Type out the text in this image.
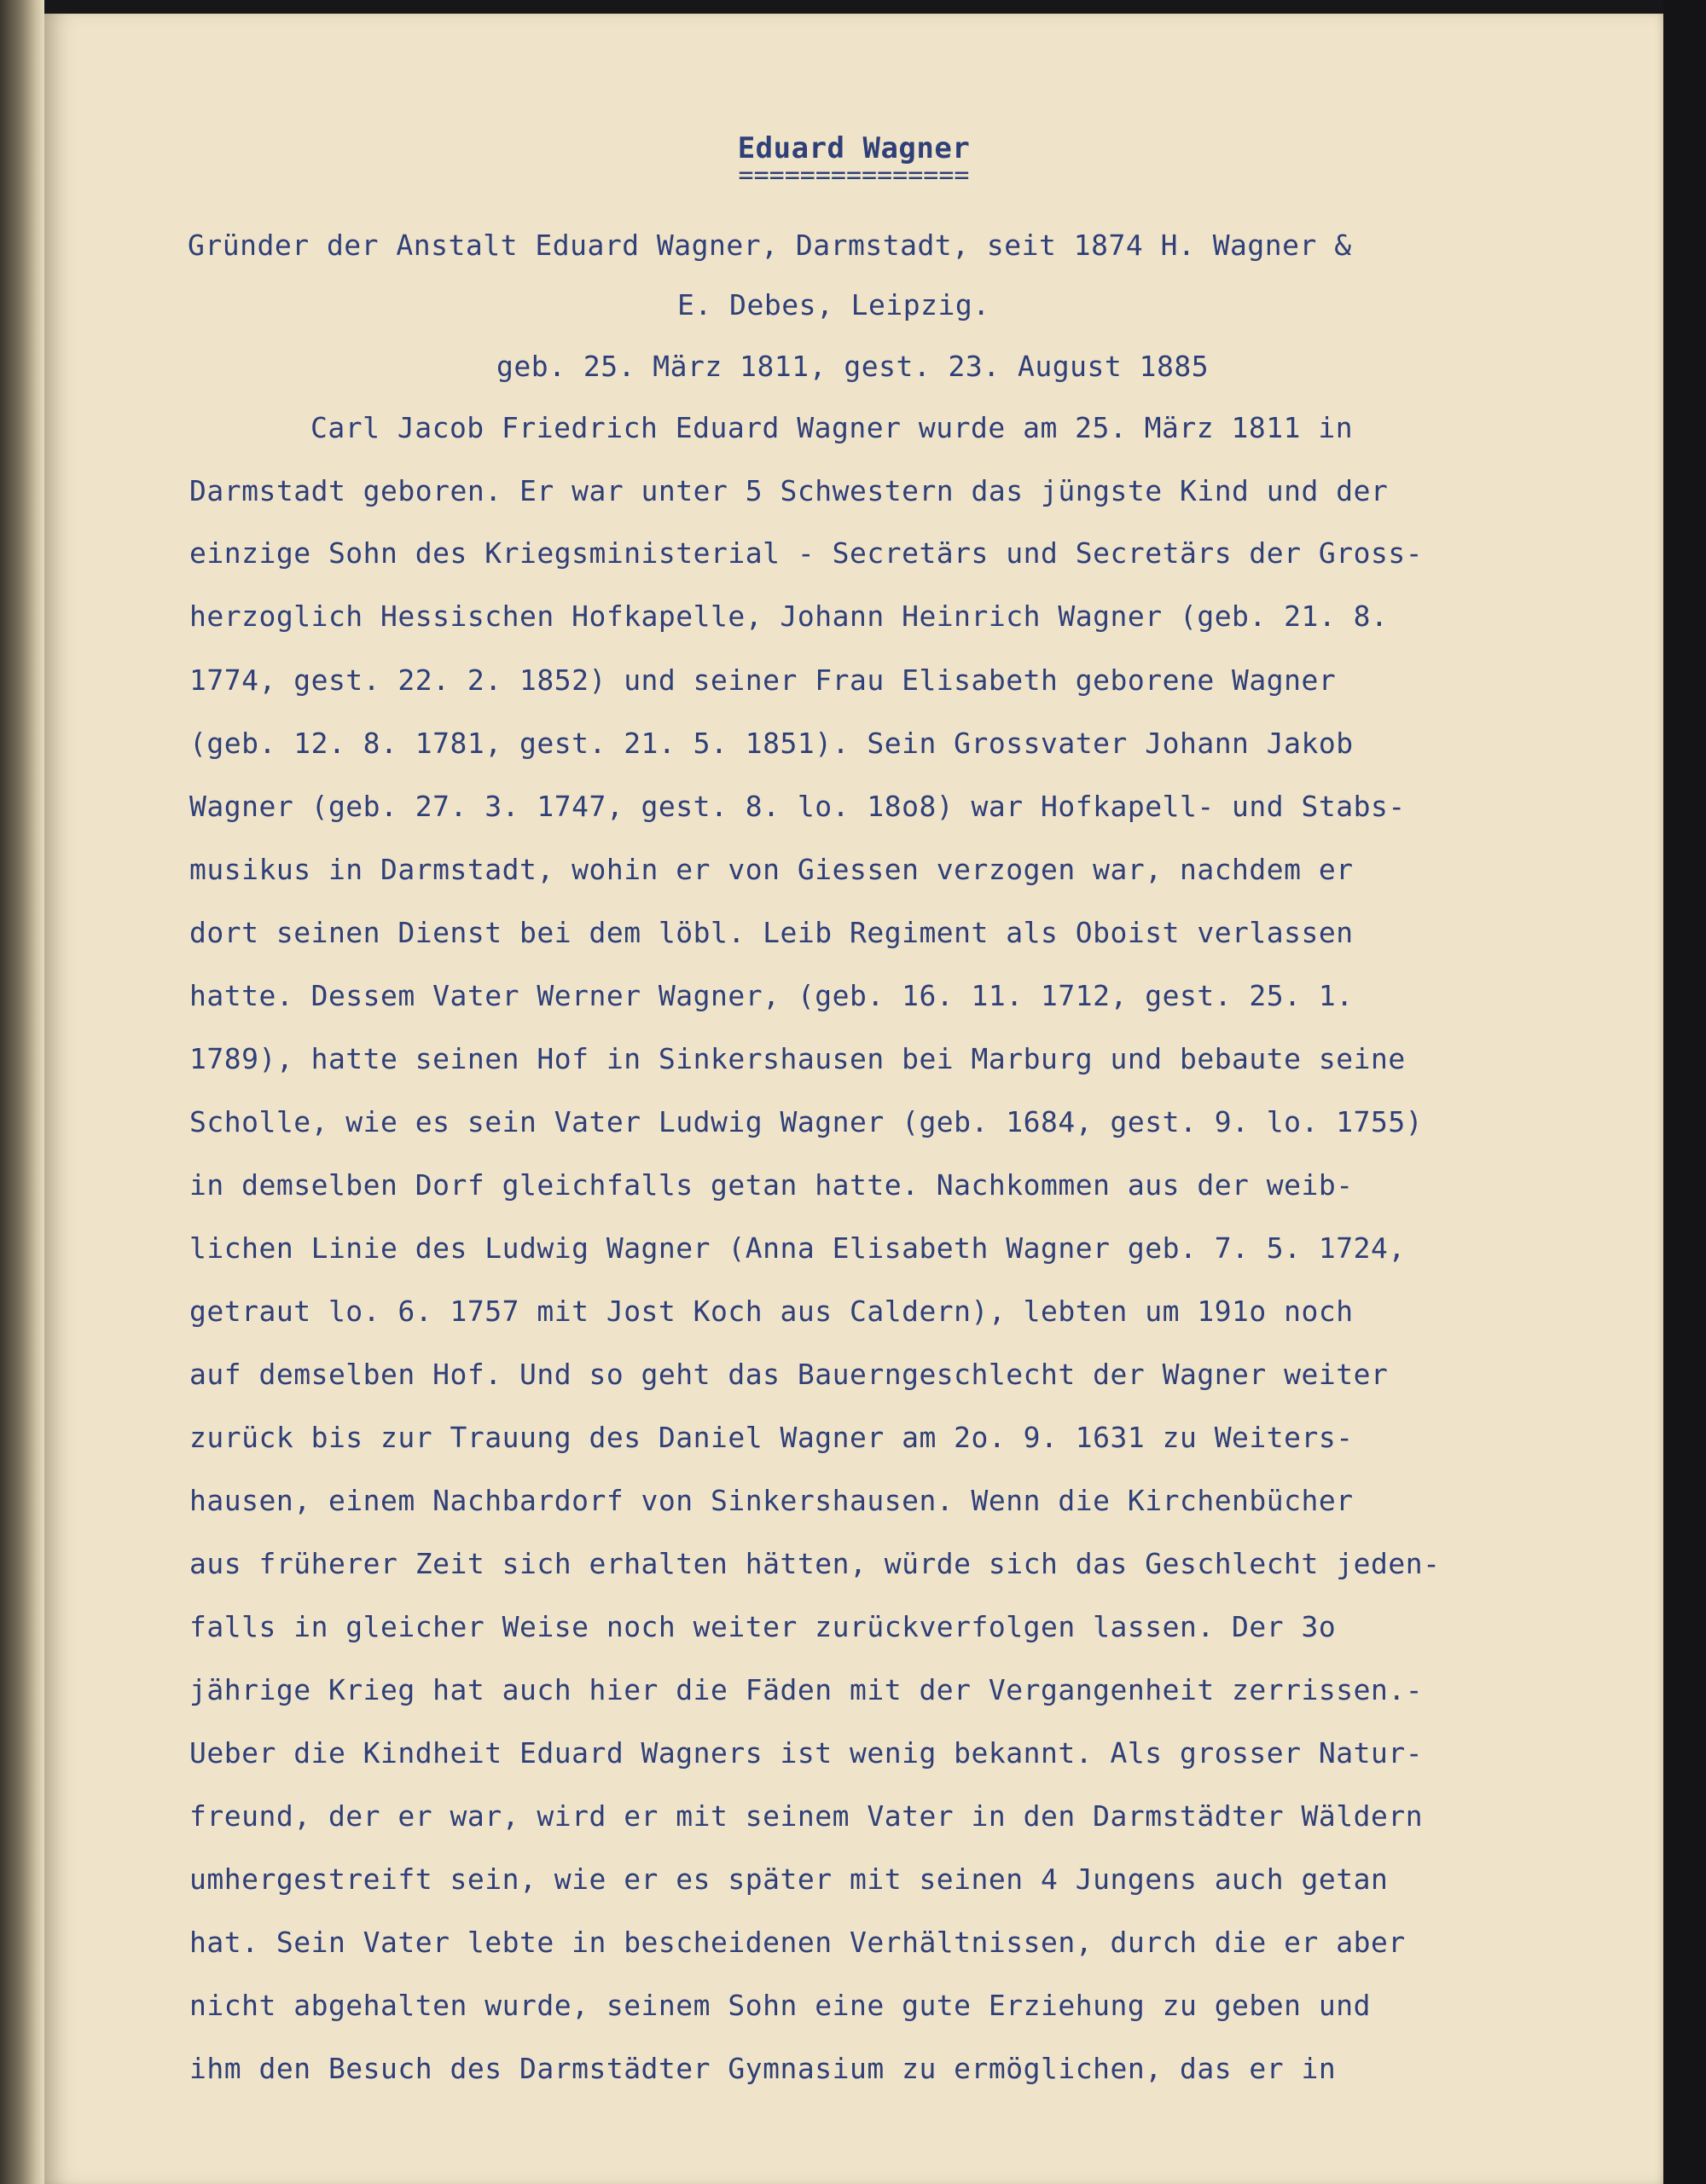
Eduard Wagner
===============
Gründer der Anstalt Eduard Wagner, Darmstadt, seit 1874 H. Wagner &
E. Debes, Leipzig.
geb. 25. März 1811, gest. 23. August 1885
Carl Jacob Friedrich Eduard Wagner wurde am 25. März 1811 in
Darmstadt geboren. Er war unter 5 Schwestern das jüngste Kind und der
einzige Sohn des Kriegsministerial - Secretärs und Secretärs der Gross-
herzoglich Hessischen Hofkapelle, Johann Heinrich Wagner (geb. 21. 8.
1774, gest. 22. 2. 1852) und seiner Frau Elisabeth geborene Wagner
(geb. 12. 8. 1781, gest. 21. 5. 1851). Sein Grossvater Johann Jakob
Wagner (geb. 27. 3. 1747, gest. 8. lo. 18o8) war Hofkapell- und Stabs-
musikus in Darmstadt, wohin er von Giessen verzogen war, nachdem er
dort seinen Dienst bei dem löbl. Leib Regiment als Oboist verlassen
hatte. Dessem Vater Werner Wagner, (geb. 16. 11. 1712, gest. 25. 1.
1789), hatte seinen Hof in Sinkershausen bei Marburg und bebaute seine
Scholle, wie es sein Vater Ludwig Wagner (geb. 1684, gest. 9. lo. 1755)
in demselben Dorf gleichfalls getan hatte. Nachkommen aus der weib-
lichen Linie des Ludwig Wagner (Anna Elisabeth Wagner geb. 7. 5. 1724,
getraut lo. 6. 1757 mit Jost Koch aus Caldern), lebten um 191o noch
auf demselben Hof. Und so geht das Bauerngeschlecht der Wagner weiter
zurück bis zur Trauung des Daniel Wagner am 2o. 9. 1631 zu Weiters-
hausen, einem Nachbardorf von Sinkershausen. Wenn die Kirchenbücher
aus früherer Zeit sich erhalten hätten, würde sich das Geschlecht jeden-
falls in gleicher Weise noch weiter zurückverfolgen lassen. Der 3o
jährige Krieg hat auch hier die Fäden mit der Vergangenheit zerrissen.-
Ueber die Kindheit Eduard Wagners ist wenig bekannt. Als grosser Natur-
freund, der er war, wird er mit seinem Vater in den Darmstädter Wäldern
umhergestreift sein, wie er es später mit seinen 4 Jungens auch getan
hat. Sein Vater lebte in bescheidenen Verhältnissen, durch die er aber
nicht abgehalten wurde, seinem Sohn eine gute Erziehung zu geben und
ihm den Besuch des Darmstädter Gymnasium zu ermöglichen, das er in
